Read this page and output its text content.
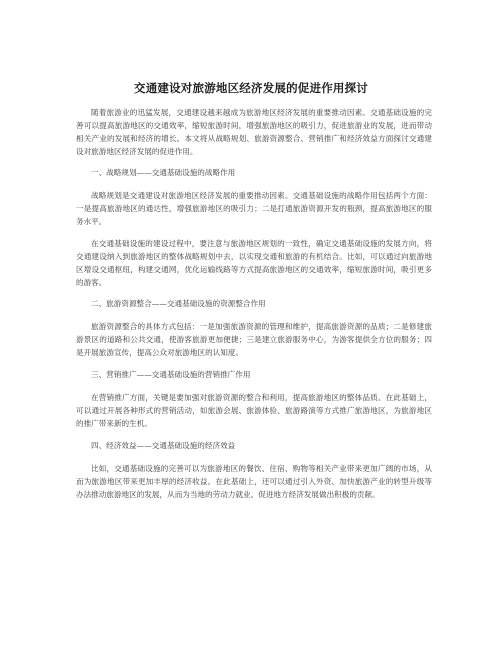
交通建设对旅游地区经济发展的促进作用探讨

随着旅游业的迅猛发展，交通建设越来越成为旅游地区经济发展的重要推动因素。交通基础设施的完善可以提高旅游地区的交通效率，缩短旅游时间，增强旅游地区的吸引力，促进旅游业的发展，进而带动相关产业的发展和经济的增长。本文将从战略规划、旅游资源整合、营销推广和经济效益方面探讨交通建设对旅游地区经济发展的促进作用。

一、战略规划——交通基础设施的战略作用

战略规划是交通建设对旅游地区经济发展的重要推动因素。交通基础设施的战略作用包括两个方面：一是提高旅游地区的通达性，增强旅游地区的吸引力；二是打通旅游资源开发的瓶颈，提高旅游地区的服务水平。

在交通基础设施的建设过程中，要注意与旅游地区规划的一致性，确定交通基础设施的发展方向，将交通建设纳入到旅游地区的整体战略规划中去，以实现交通和旅游的有机结合。比如，可以通过向旅游地区增设交通枢纽，构建交通网，优化运输线路等方式提高旅游地区的交通效率，缩短旅游时间，吸引更多的游客。

二、旅游资源整合——交通基础设施的资源整合作用

旅游资源整合的具体方式包括：一是加强旅游资源的管理和维护，提高旅游资源的品质；二是修建旅游景区的道路和公共交通，使游客旅游更加便捷；三是建立旅游服务中心，为游客提供全方位的服务；四是开展旅游宣传，提高公众对旅游地区的认知度。

三、营销推广——交通基础设施的营销推广作用

在营销推广方面，关键是要加强对旅游资源的整合和利用，提高旅游地区的整体品质。在此基础上，可以通过开展各种形式的营销活动，如旅游会展、旅游体验、旅游路演等方式推广旅游地区，为旅游地区的推广带来新的生机。

四、经济效益——交通基础设施的经济效益

比如，交通基础设施的完善可以为旅游地区的餐饮、住宿、购物等相关产业带来更加广阔的市场，从而为旅游地区带来更加丰厚的经济收益。在此基础上，还可以通过引入外资、加快旅游产业的转型升级等办法推动旅游地区的发展，从而为当地的劳动力就业、促进地方经济发展做出积极的贡献。
